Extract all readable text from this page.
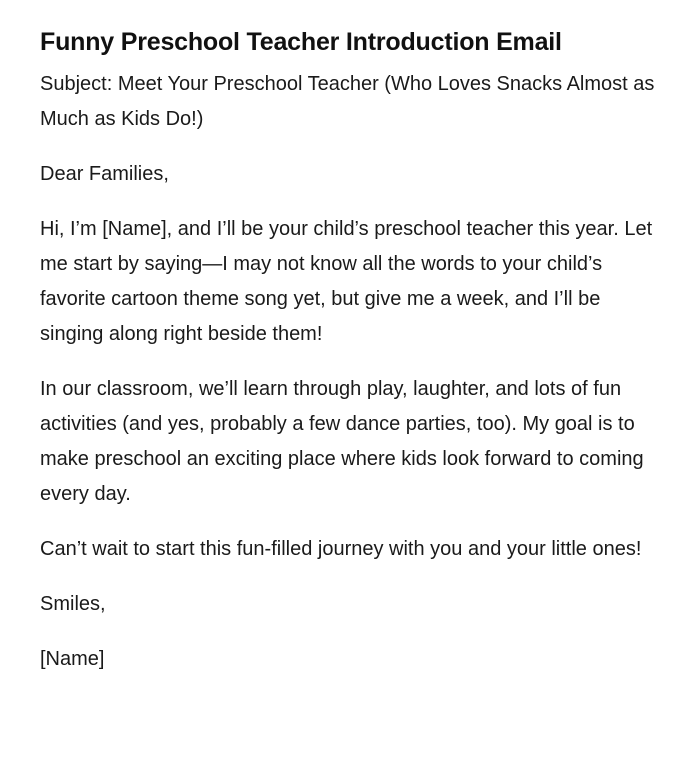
Funny Preschool Teacher Introduction Email

Subject: Meet Your Preschool Teacher (Who Loves Snacks Almost as Much as Kids Do!)

Dear Families,

Hi, I’m [Name], and I’ll be your child’s preschool teacher this year. Let me start by saying—I may not know all the words to your child’s favorite cartoon theme song yet, but give me a week, and I’ll be singing along right beside them!

In our classroom, we’ll learn through play, laughter, and lots of fun activities (and yes, probably a few dance parties, too). My goal is to make preschool an exciting place where kids look forward to coming every day.

Can’t wait to start this fun-filled journey with you and your little ones!

Smiles,

[Name]
